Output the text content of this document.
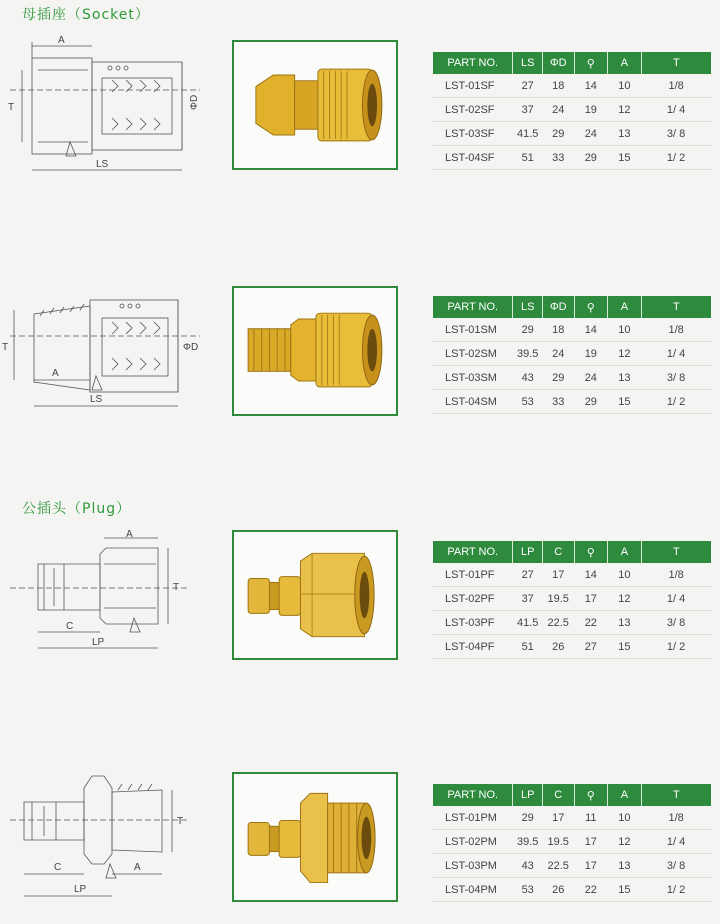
母插座（Socket）
公插头（Plug）
A
T	ΦD
LS
PART NO.	LS	ΦD	⚲	A	T
LST-01SF	27	18	14	10	1/8
LST-02SF	37	24	19	12	1/ 4
LST-03SF	41.5	29	24	13	3/ 8
LST-04SF	51	33	29	15	1/ 2
A
T	ΦD
LS
PART NO.	LS	ΦD	⚲	A	T
LST-01SM	29	18	14	10	1/8
LST-02SM	39.5	24	19	12	1/ 4
LST-03SM	43	29	24	13	3/ 8
LST-04SM	53	33	29	15	1/ 2
A
T
C
LP
PART NO.	LP	C	⚲	A	T
LST-01PF	27	17	14	10	1/8
LST-02PF	37	19.5	17	12	1/ 4
LST-03PF	41.5	22.5	22	13	3/ 8
LST-04PF	51	26	27	15	1/ 2
T
C	A
LP
PART NO.	LP	C	⚲	A	T
LST-01PM	29	17	11	10	1/8
LST-02PM	39.5	19.5	17	12	1/ 4
LST-03PM	43	22.5	17	13	3/ 8
LST-04PM	53	26	22	15	1/ 2
